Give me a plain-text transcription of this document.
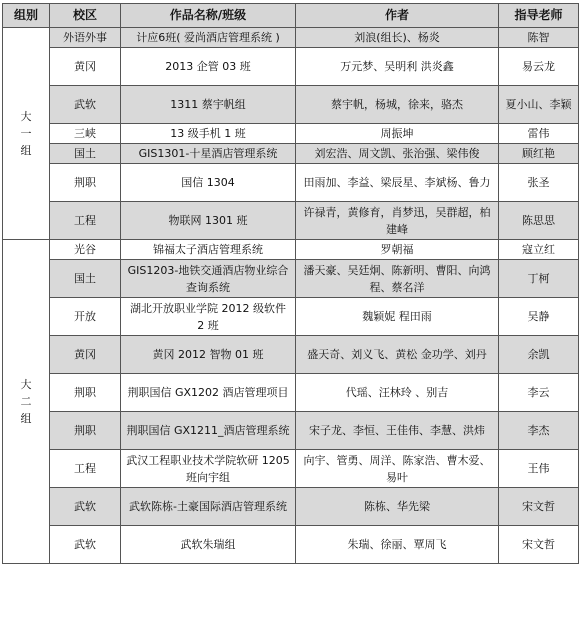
组别	校区	作品名称/班级	作者	指导老师
大一组	外语外事	计应6班( 爱尚酒店管理系统 )	刘浪(组长)、杨炎	陈智
	黄冈	2013 企管 03 班	万元梦、吴明利 洪炎鑫	易云龙
	武软	1311 蔡宇帆组	蔡宇帆，杨城，徐来，骆杰	夏小山、李颖
	三峡	13 级手机 1 班	周振坤	雷伟
	国土	GIS1301-十星酒店管理系统	刘宏浩、周文凯、张治强、梁伟俊	顾红艳
	荆职	国信 1304	田雨加、李益、梁辰星、李斌杨、鲁力	张圣
	工程	物联网 1301 班	许禄青，黄修育，肖梦迅，吴群超，柏建峰	陈思思
大二组	光谷	锦福太子酒店管理系统	罗朝福	寇立红
	国土	GIS1203-地铁交通酒店物业综合查询系统	潘天豪、吴廷炯、陈新明、曹阳、向鸿程、蔡名洋	丁柯
	开放	湖北开放职业学院 2012 级软件 2 班	魏颖妮 程田雨	吴静
	黄冈	黄冈 2012 智物 01 班	盛天奇、刘义飞、黄松 金功学、刘丹	余凯
	荆职	荆职国信 GX1202 酒店管理项目	代瑶、汪林玲 、别吉	李云
	荆职	荆职国信 GX1211_酒店管理系统	宋子龙、李恒、王佳伟、李慧、洪炜	李杰
	工程	武汉工程职业技术学院软研 1205 班向宇组	向宇、管勇、周洋、陈家浩、曹木爱、易叶	王伟
	武软	武软陈栋-土豪国际酒店管理系统	陈栋、华先梁	宋文哲
	武软	武软朱瑞组	朱瑞、徐丽、覃周飞	宋文哲
